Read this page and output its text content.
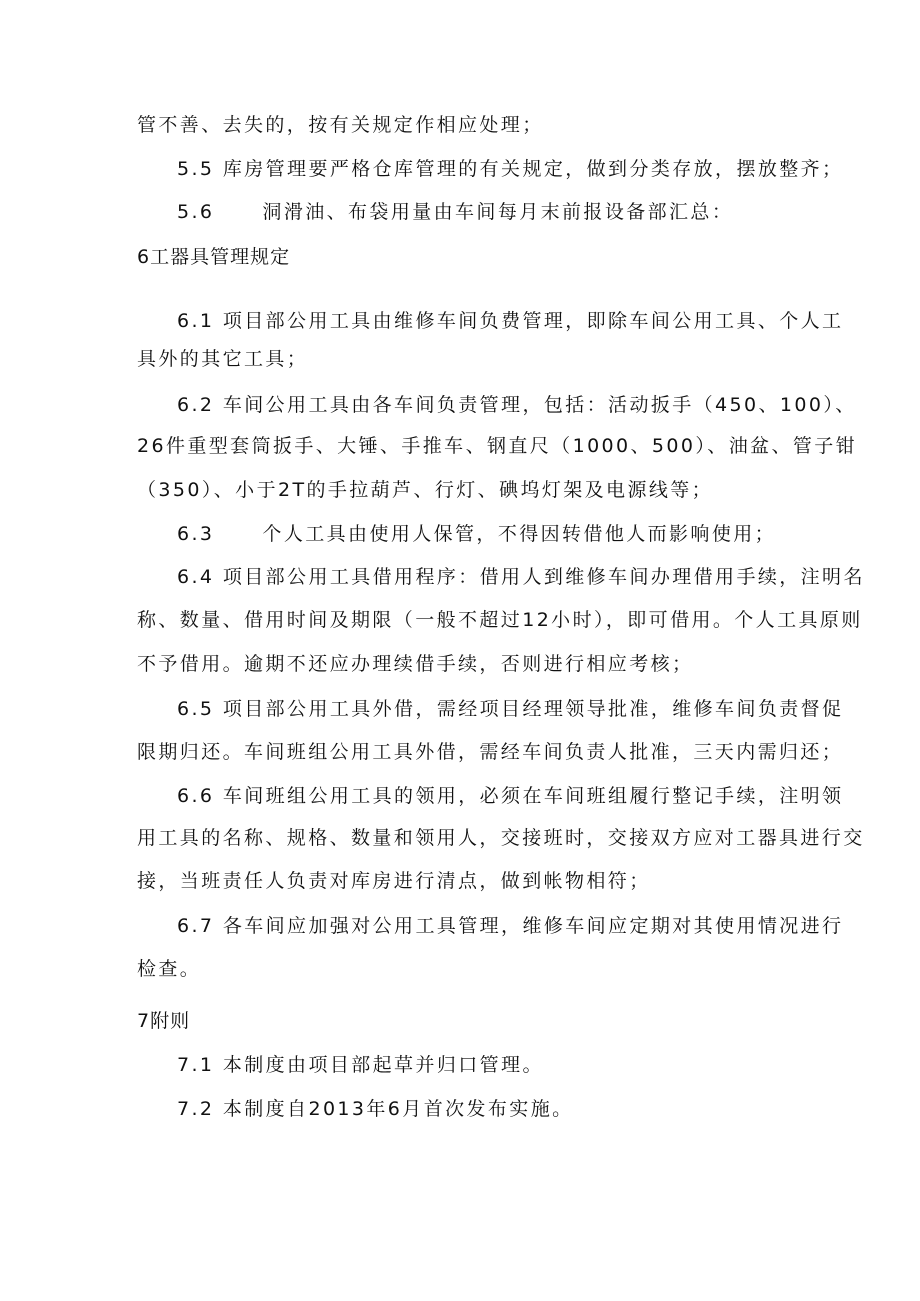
管不善、去失的，按有关规定作相应处理；
5.5 库房管理要严格仓库管理的有关规定，做到分类存放，摆放整齐；
5.6	洞滑油、布袋用量由车间每月末前报设备部汇总：
6工器具管理规定
6.1 项目部公用工具由维修车间负费管理，即除车间公用工具、个人工
具外的其它工具；
6.2 车间公用工具由各车间负责管理，包括：活动扳手（450、100）、
26件重型套筒扳手、大锤、手推车、钢直尺（1000、500）、油盆、管子钳
（350）、小于2T的手拉葫芦、行灯、碘坞灯架及电源线等；
6.3	个人工具由使用人保管，不得因转借他人而影响使用；
6.4 项目部公用工具借用程序：借用人到维修车间办理借用手续，注明名
称、数量、借用时间及期限（一般不超过12小时），即可借用。个人工具原则
不予借用。逾期不还应办理续借手续，否则进行相应考核；
6.5 项目部公用工具外借，需经项目经理领导批准，维修车间负责督促
限期归还。车间班组公用工具外借，需经车间负责人批准，三天内需归还；
6.6 车间班组公用工具的领用，必须在车间班组履行整记手续，注明领
用工具的名称、规格、数量和领用人，交接班时，交接双方应对工器具进行交
接，当班责任人负责对库房进行清点，做到帐物相符；
6.7 各车间应加强对公用工具管理，维修车间应定期对其使用情况进行
检查。
7附则
7.1 本制度由项目部起草并归口管理。
7.2 本制度自2013年6月首次发布实施。
